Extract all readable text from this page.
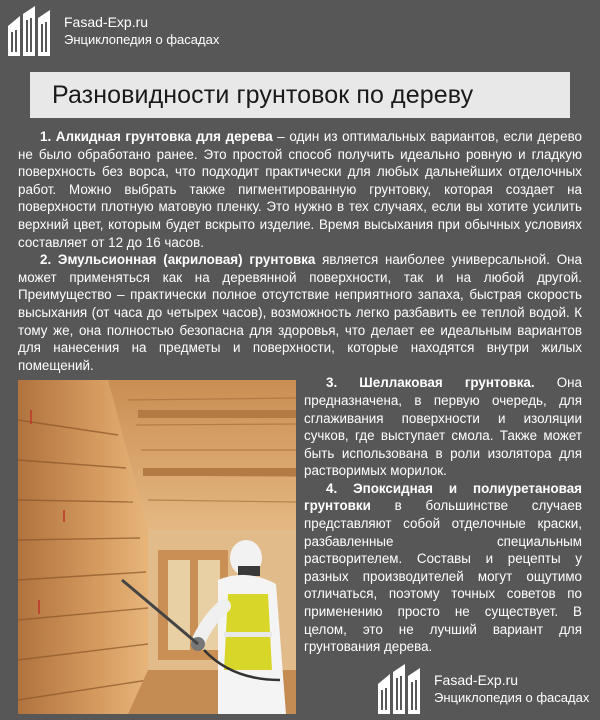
Fasad-Exp.ru
Энциклопедия о фасадах
Разновидности грунтовок по дереву

1. Алкидная грунтовка для дерева – один из оптимальных вариантов, если дерево не было обработано ранее. Это простой способ получить идеально ровную и гладкую поверхность без ворса, что подходит практически для любых дальнейших отделочных работ. Можно выбрать также пигментированную грунтовку, которая создает на поверхности плотную матовую пленку. Это нужно в тех случаях, если вы хотите усилить верхний цвет, которым будет вскрыто изделие. Время высыхания при обычных условиях составляет от 12 до 16 часов.

2. Эмульсионная (акриловая) грунтовка является наиболее универсальной. Она может применяться как на деревянной поверхности, так и на любой другой. Преимущество – практически полное отсутствие неприятного запаха, быстрая скорость высыхания (от часа до четырех часов), возможность легко разбавить ее теплой водой. К тому же, она полностью безопасна для здоровья, что делает ее идеальным вариантов для нанесения на предметы и поверхности, которые находятся внутри жилых помещений.

3. Шеллаковая грунтовка. Она предназначена, в первую очередь, для сглаживания поверхности и изоляции сучков, где выступает смола. Также может быть использована в роли изолятора для растворимых морилок.

4. Эпоксидная и полиуретановая грунтовки в большинстве случаев представляют собой отделочные краски, разбавленные специальным растворителем. Составы и рецепты у разных производителей могут ощутимо отличаться, поэтому точных советов по применению просто не существует. В целом, это не лучший вариант для грунтования дерева.

Fasad-Exp.ru
Энциклопедия о фасадах
